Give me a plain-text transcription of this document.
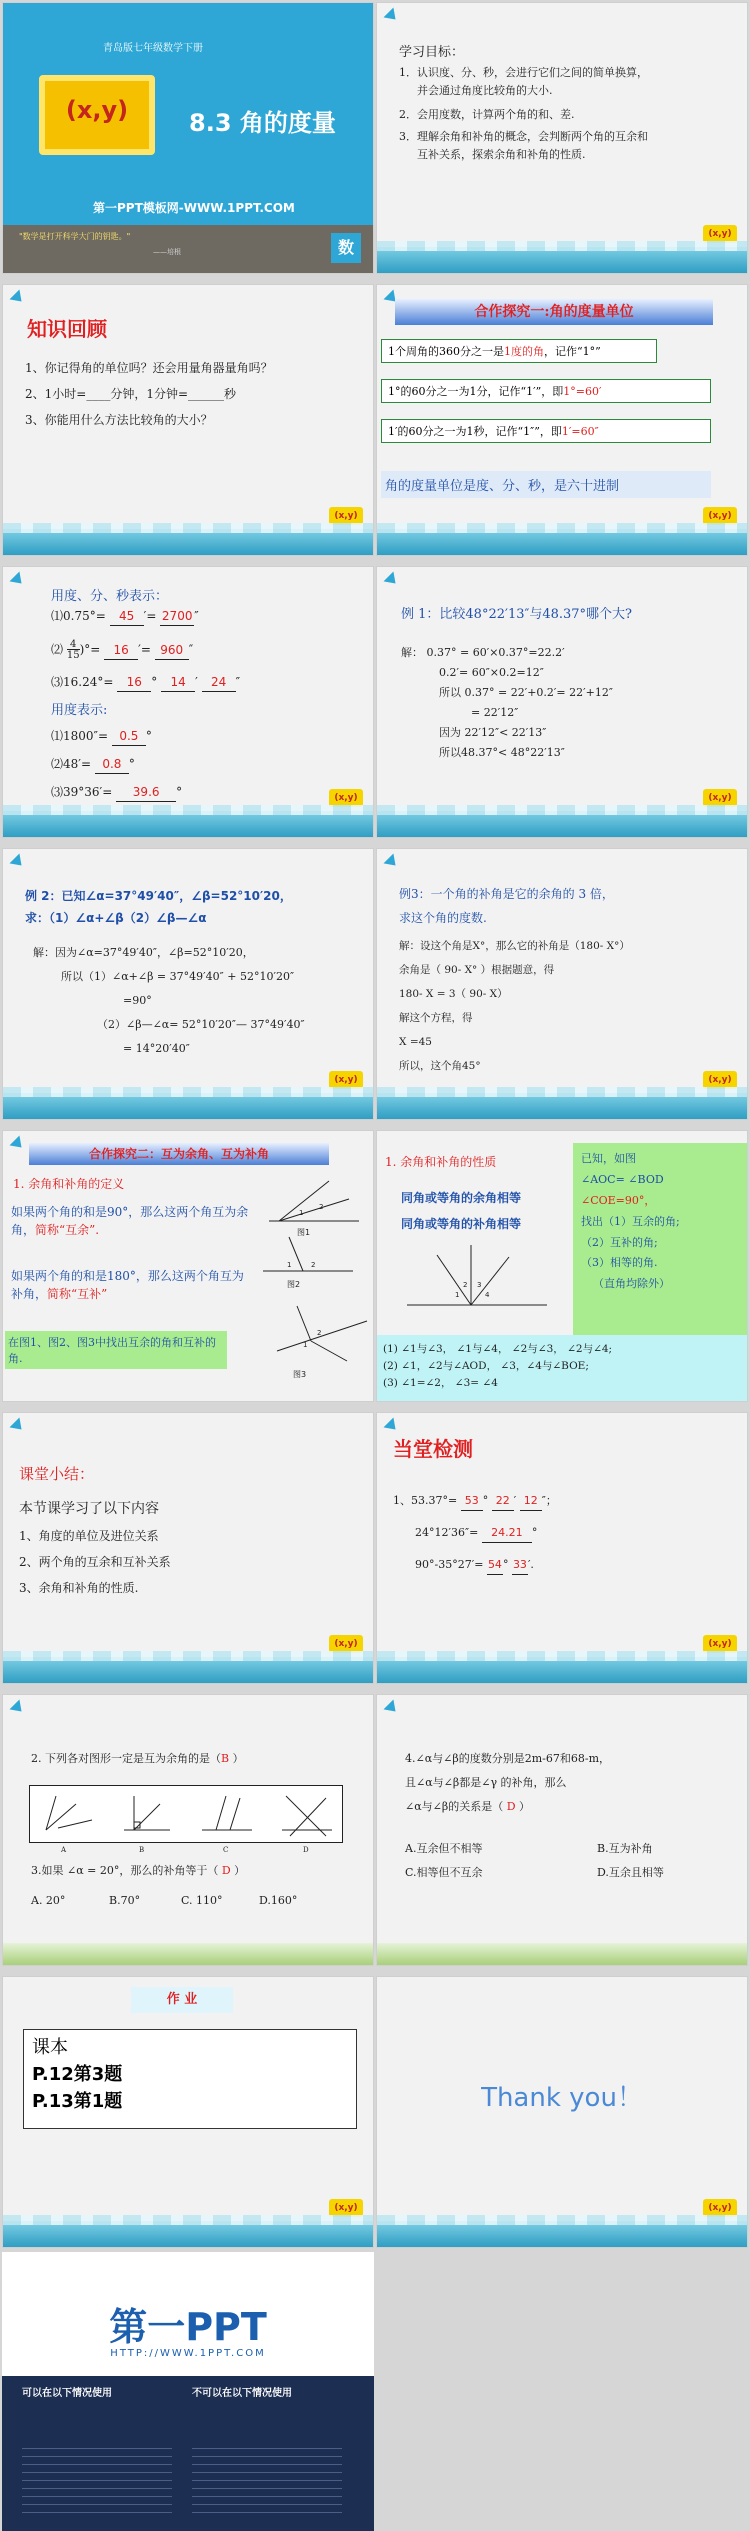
青岛版七年级数学下册
(x,y)	8.3 角的度量
第一PPT模板网-WWW.1PPT.COM
"数学是打开科学大门的钥匙。"
——培根	数
学习目标：
1．认识度、分、秒，会进行它们之间的简单换算，
并会通过角度比较角的大小.
2．会用度数，计算两个角的和、差.
3．理解余角和补角的概念，会判断两个角的互余和
互补关系，探索余角和补角的性质.
(x,y)
知识回顾
1、你记得角的单位吗？还会用量角器量角吗？
2、1小时=____分钟，1分钟=______秒
3、你能用什么方法比较角的大小？
(x,y)
合作探究一:角的度量单位
1个周角的360分之一是1度的角，记作“1°”
1°的60分之一为1分，记作“1′”，即1°=60′
1′的60分之一为1秒，记作“1″”，即1′=60″
角的度量单位是度、分、秒，是六十进制
(x,y)
用度、分、秒表示：
⑴0.75°= 45 ′= 2700 ″
⑵ $\frac{4}{15})^\circ= 16$ ′= 960 ″
⑶16.24°= 16 ° 14 ′ 24 ″
用度表示:
⑴1800″= 0.5 °
⑵48′= 0.8 °
⑶39°36′= 39.6 °	(x,y)
例 1：比较48°22′13″与48.37°哪个大?
解： 0.37° = 60′×0.37°=22.2′
0.2′= 60″×0.2=12″
所以 0.37° = 22′+0.2′= 22′+12″
= 22′12″
因为 22′12″< 22′13″
所以48.37°< 48°22′13″
(x,y)
例 2：已知∠α=37°49′40″，∠β=52°10′20，
求：（1）∠α+∠β（2）∠β—∠α
解：因为∠α=37°49′40″，∠β=52°10′20，
所以（1）∠α+∠β = 37°49′40″ + 52°10′20″
=90°
（2）∠β—∠α= 52°10′20″— 37°49′40″
= 14°20′40″
(x,y)
例3：一个角的补角是它的余角的 3 倍，
求这个角的度数.
解：设这个角是X°，那么它的补角是（180- X°）
余角是（ 90- X° ）根据题意，得
180- X = 3（ 90- X）
解这个方程，得
X =45
所以，这个角45°
(x,y)
合作探究二：互为余角、互为补角
1. 余角和补角的定义
如果两个角的和是90°，那么这两个角互为余角，简称“互余”.
如果两个角的和是180°，那么这两个角互为补角，简称“互补”
在图1、图2、图3中找出互余的角和互补的角.
1
2
图1
1	2
图2
1
2
图3
1. 余角和补角的性质
同角或等角的余角相等
同角或等角的补角相等
1
2 3
4
已知，如图
∠AOC= ∠BOD
∠COE=90°，
找出（1）互余的角;
（2）互补的角;
（3）相等的角.
（直角均除外）
(1) ∠1与∠3， ∠1与∠4， ∠2与∠3， ∠2与∠4;
(2) ∠1，∠2与∠AOD， ∠3，∠4与∠BOE;
(3) ∠1=∠2， ∠3= ∠4
课堂小结：
本节课学习了以下内容
1、角度的单位及进位关系
2、两个角的互余和互补关系
3、余角和补角的性质.
(x,y)
当堂检测
1、53.37°= 53 ° 22 ′ 12 ″；
24°12′36″= 24.21 °
90°-35°27′= 54° 33′.
(x,y)
2. 下列各对图形一定是互为余角的是（B ）
A	B	C	D
3.如果 ∠α = 20°，那么的补角等于（ D ）
A. 20°	B.70°	C. 110°	D.160°
4.∠α与∠β的度数分别是2m-67和68-m，
且∠α与∠β都是∠γ 的补角，那么
∠α与∠β的关系是（ D ）
A.互余但不相等	B.互为补角
C.相等但不互余	D.互余且相等
作 业
课本
P.12第3题
P.13第1题
(x,y)
Thank you！
(x,y)
第一PPT
HTTP://WWW.1PPT.COM
可以在以下情况使用	不可以在以下情况使用
